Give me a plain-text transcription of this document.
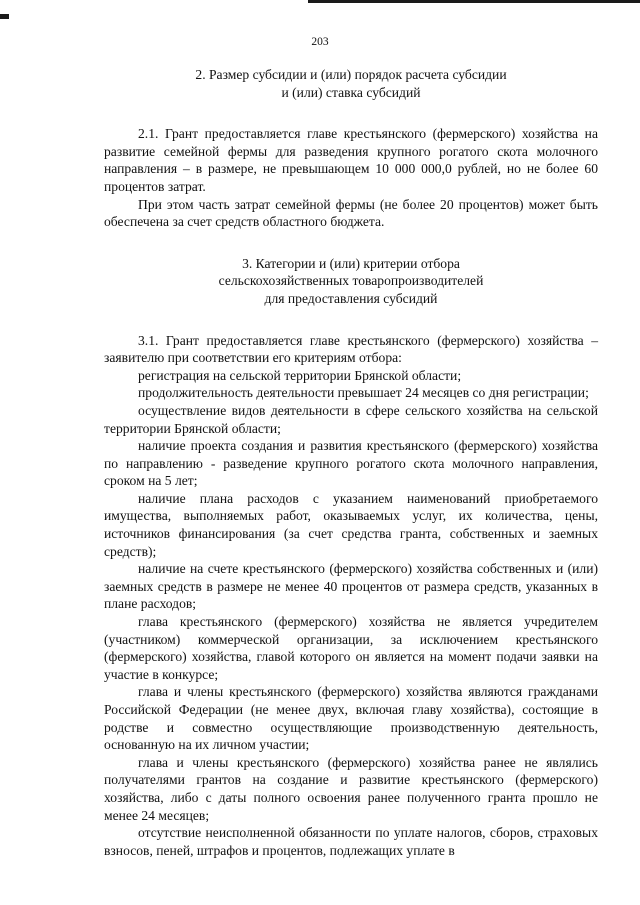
203
2. Размер субсидии и (или) порядок расчета субсидии
и (или) ставка субсидий

2.1. Грант предоставляется главе крестьянского (фермерского) хозяйства на развитие семейной фермы для разведения крупного рогатого скота молочного направления – в размере, не превышающем 10 000 000,0 рублей, но не более 60 процентов затрат.

При этом часть затрат семейной фермы (не более 20 процентов) может быть обеспечена за счет средств областного бюджета.

3. Категории и (или) критерии отбора
сельскохозяйственных товаропроизводителей
для предоставления субсидий

3.1. Грант предоставляется главе крестьянского (фермерского) хозяйства – заявителю при соответствии его критериям отбора:

регистрация на сельской территории Брянской области;

продолжительность деятельности превышает 24 месяцев со дня регистрации;

осуществление видов деятельности в сфере сельского хозяйства на сельской территории Брянской области;

наличие проекта создания и развития крестьянского (фермерского) хозяйства по направлению - разведение крупного рогатого скота молочного направления, сроком на 5 лет;

наличие плана расходов с указанием наименований приобретаемого имущества, выполняемых работ, оказываемых услуг, их количества, цены, источников финансирования (за счет средства гранта, собственных и заемных средств);

наличие на счете крестьянского (фермерского) хозяйства собственных и (или) заемных средств в размере не менее 40 процентов от размера средств, указанных в плане расходов;

глава крестьянского (фермерского) хозяйства не является учредителем (участником) коммерческой организации, за исключением крестьянского (фермерского) хозяйства, главой которого он является на момент подачи заявки на участие в конкурсе;

глава и члены крестьянского (фермерского) хозяйства являются гражданами Российской Федерации (не менее двух, включая главу хозяйства), состоящие в родстве и совместно осуществляющие производственную деятельность, основанную на их личном участии;

глава и члены крестьянского (фермерского) хозяйства ранее не являлись получателями грантов на создание и развитие крестьянского (фермерского) хозяйства, либо с даты полного освоения ранее полученного гранта прошло не менее 24 месяцев;

отсутствие неисполненной обязанности по уплате налогов, сборов, страховых взносов, пеней, штрафов и процентов, подлежащих уплате в
